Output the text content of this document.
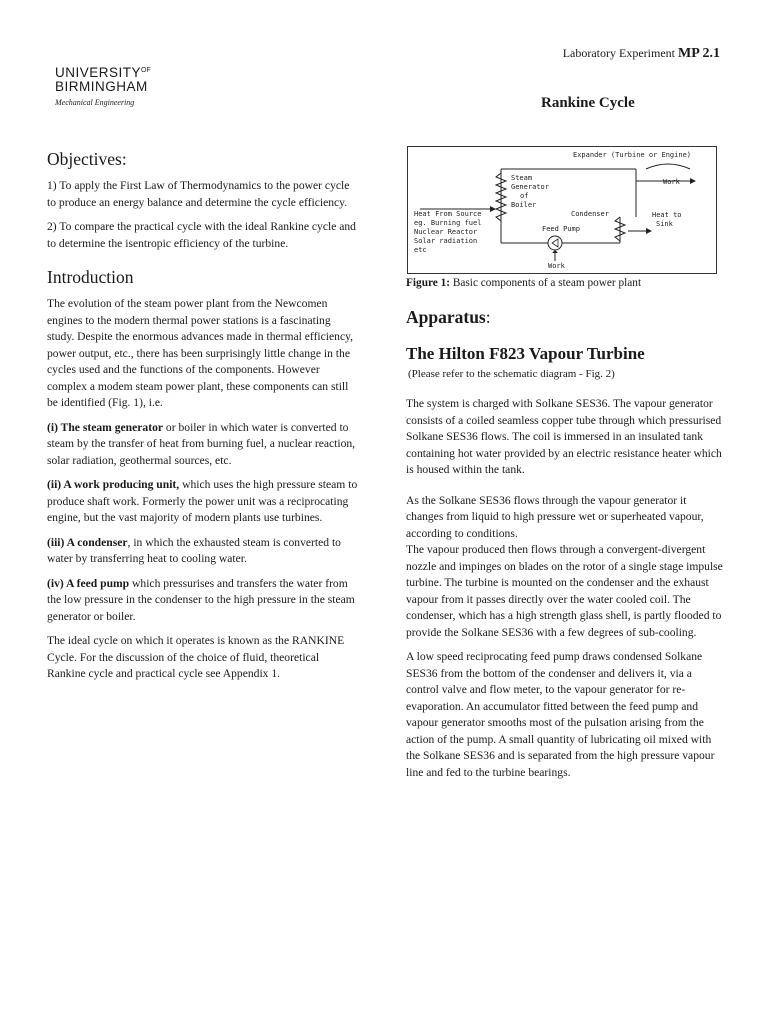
Laboratory Experiment MP 2.1
$UNIVERSITY^{OF}$
BIRMINGHAM
Mechanical Engineering	Rankine Cycle
Objectives:

1) To apply the First Law of Thermodynamics to the power cycle to produce an energy balance and determine the cycle efficiency.

2) To compare the practical cycle with the ideal Rankine cycle and to determine the isentropic efficiency of the turbine.

Introduction

The evolution of the steam power plant from the Newcomen engines to the modern thermal power stations is a fascinating study. Despite the enormous advances made in thermal efficiency, power output, etc., there has been surprisingly little change in the cycles used and the functions of the components. However complex a modem steam power plant, these components can still be identified (Fig. 1), i.e.

(i) The steam generator or boiler in which water is converted to steam by the transfer of heat from burning fuel, a nuclear reaction, solar radiation, geothermal sources, etc.

(ii) A work producing unit, which uses the high pressure steam to produce shaft work. Formerly the power unit was a reciprocating engine, but the vast majority of modern plants use turbines.

(iii) A condenser, in which the exhausted steam is converted to water by transferring heat to cooling water.

(iv) A feed pump which pressurises and transfers the water from the low pressure in the condenser to the high pressure in the steam generator or boiler.

The ideal cycle on which it operates is known as the RANKINE Cycle. For the discussion of the choice of fluid, theoretical Rankine cycle and practical cycle see Appendix 1.

Expander (Turbine or Engine)
Work
Steam
Generator
of
Boiler
Heat From Source
eg. Burning fuel
Nuclear Reactor
Solar radiation
etc
Condenser	Heat to
Sink
Feed Pump
Work
Figure 1: Basic components of a steam power plant
Apparatus:
The Hilton F823 Vapour Turbine
(Please refer to the schematic diagram - Fig. 2)

The system is charged with Solkane SES36. The vapour generator consists of a coiled seamless copper tube through which pressurised Solkane SES36 flows. The coil is immersed in an insulated tank containing hot water provided by an electric resistance heater which is housed within the tank.

As the Solkane SES36 flows through the vapour generator it changes from liquid to high pressure wet or superheated vapour, according to conditions.

The vapour produced then flows through a convergent-divergent nozzle and impinges on blades on the rotor of a single stage impulse turbine. The turbine is mounted on the condenser and the exhaust vapour from it passes directly over the water cooled coil. The condenser, which has a high strength glass shell, is partly flooded to provide the Solkane SES36 with a few degrees of sub-cooling.

A low speed reciprocating feed pump draws condensed Solkane SES36 from the bottom of the condenser and delivers it, via a control valve and flow meter, to the vapour generator for re-evaporation. An accumulator fitted between the feed pump and vapour generator smooths most of the pulsation arising from the action of the pump. A small quantity of lubricating oil mixed with the Solkane SES36 and is separated from the high pressure vapour line and fed to the turbine bearings.
